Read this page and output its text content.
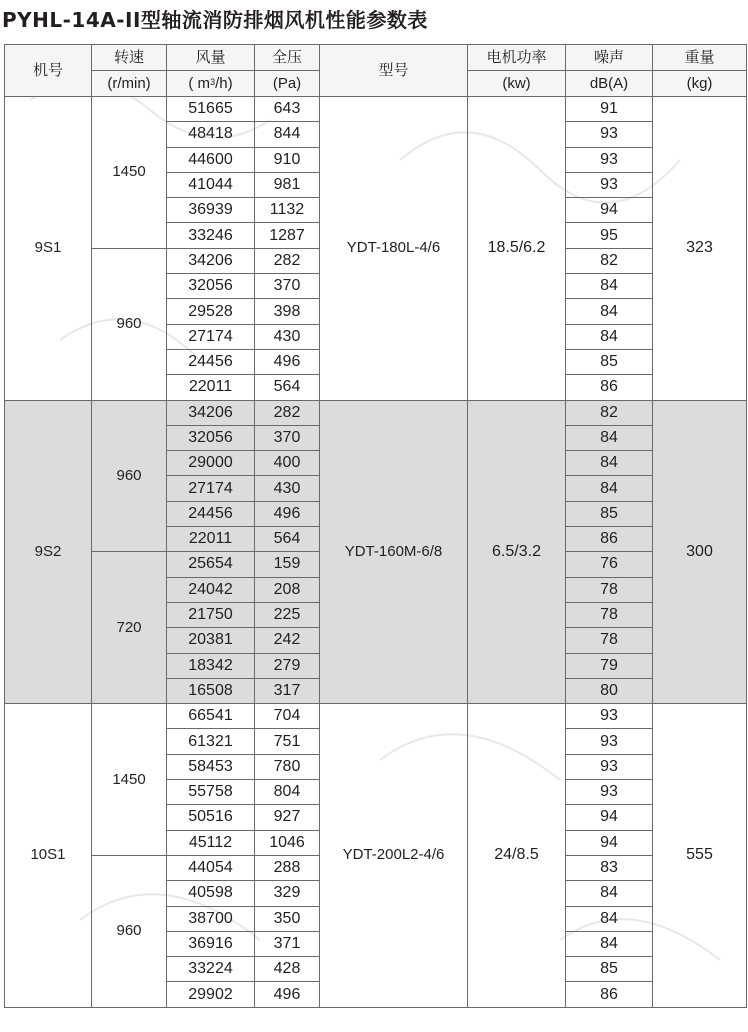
PYHL-14A-II型轴流消防排烟风机性能参数表
机号	转速	风量	全压	型号	电机功率	噪声	重量
	(r/min)	( $m^3/h$)	(Pa)		(kw)	dB(A)	(kg)
9S1	1450	51665	643	YDT-180L-4/6	18.5/6.2	91	323
		48418	844			93	
		44600	910			93	
		41044	981			93	
		36939	1132			94	
		33246	1287			95	
	960	34206	282			82	
		32056	370			84	
		29528	398			84	
		27174	430			84	
		24456	496			85	
		22011	564			86	
9S2	960	34206	282	YDT-160M-6/8	6.5/3.2	82	300
		32056	370			84	
		29000	400			84	
		27174	430			84	
		24456	496			85	
		22011	564			86	
	720	25654	159			76	
		24042	208			78	
		21750	225			78	
		20381	242			78	
		18342	279			79	
		16508	317			80	
10S1	1450	66541	704	YDT-200L2-4/6	24/8.5	93	555
		61321	751			93	
		58453	780			93	
		55758	804			93	
		50516	927			94	
		45112	1046			94	
	960	44054	288			83	
		40598	329			84	
		38700	350			84	
		36916	371			84	
		33224	428			85	
		29902	496			86	
